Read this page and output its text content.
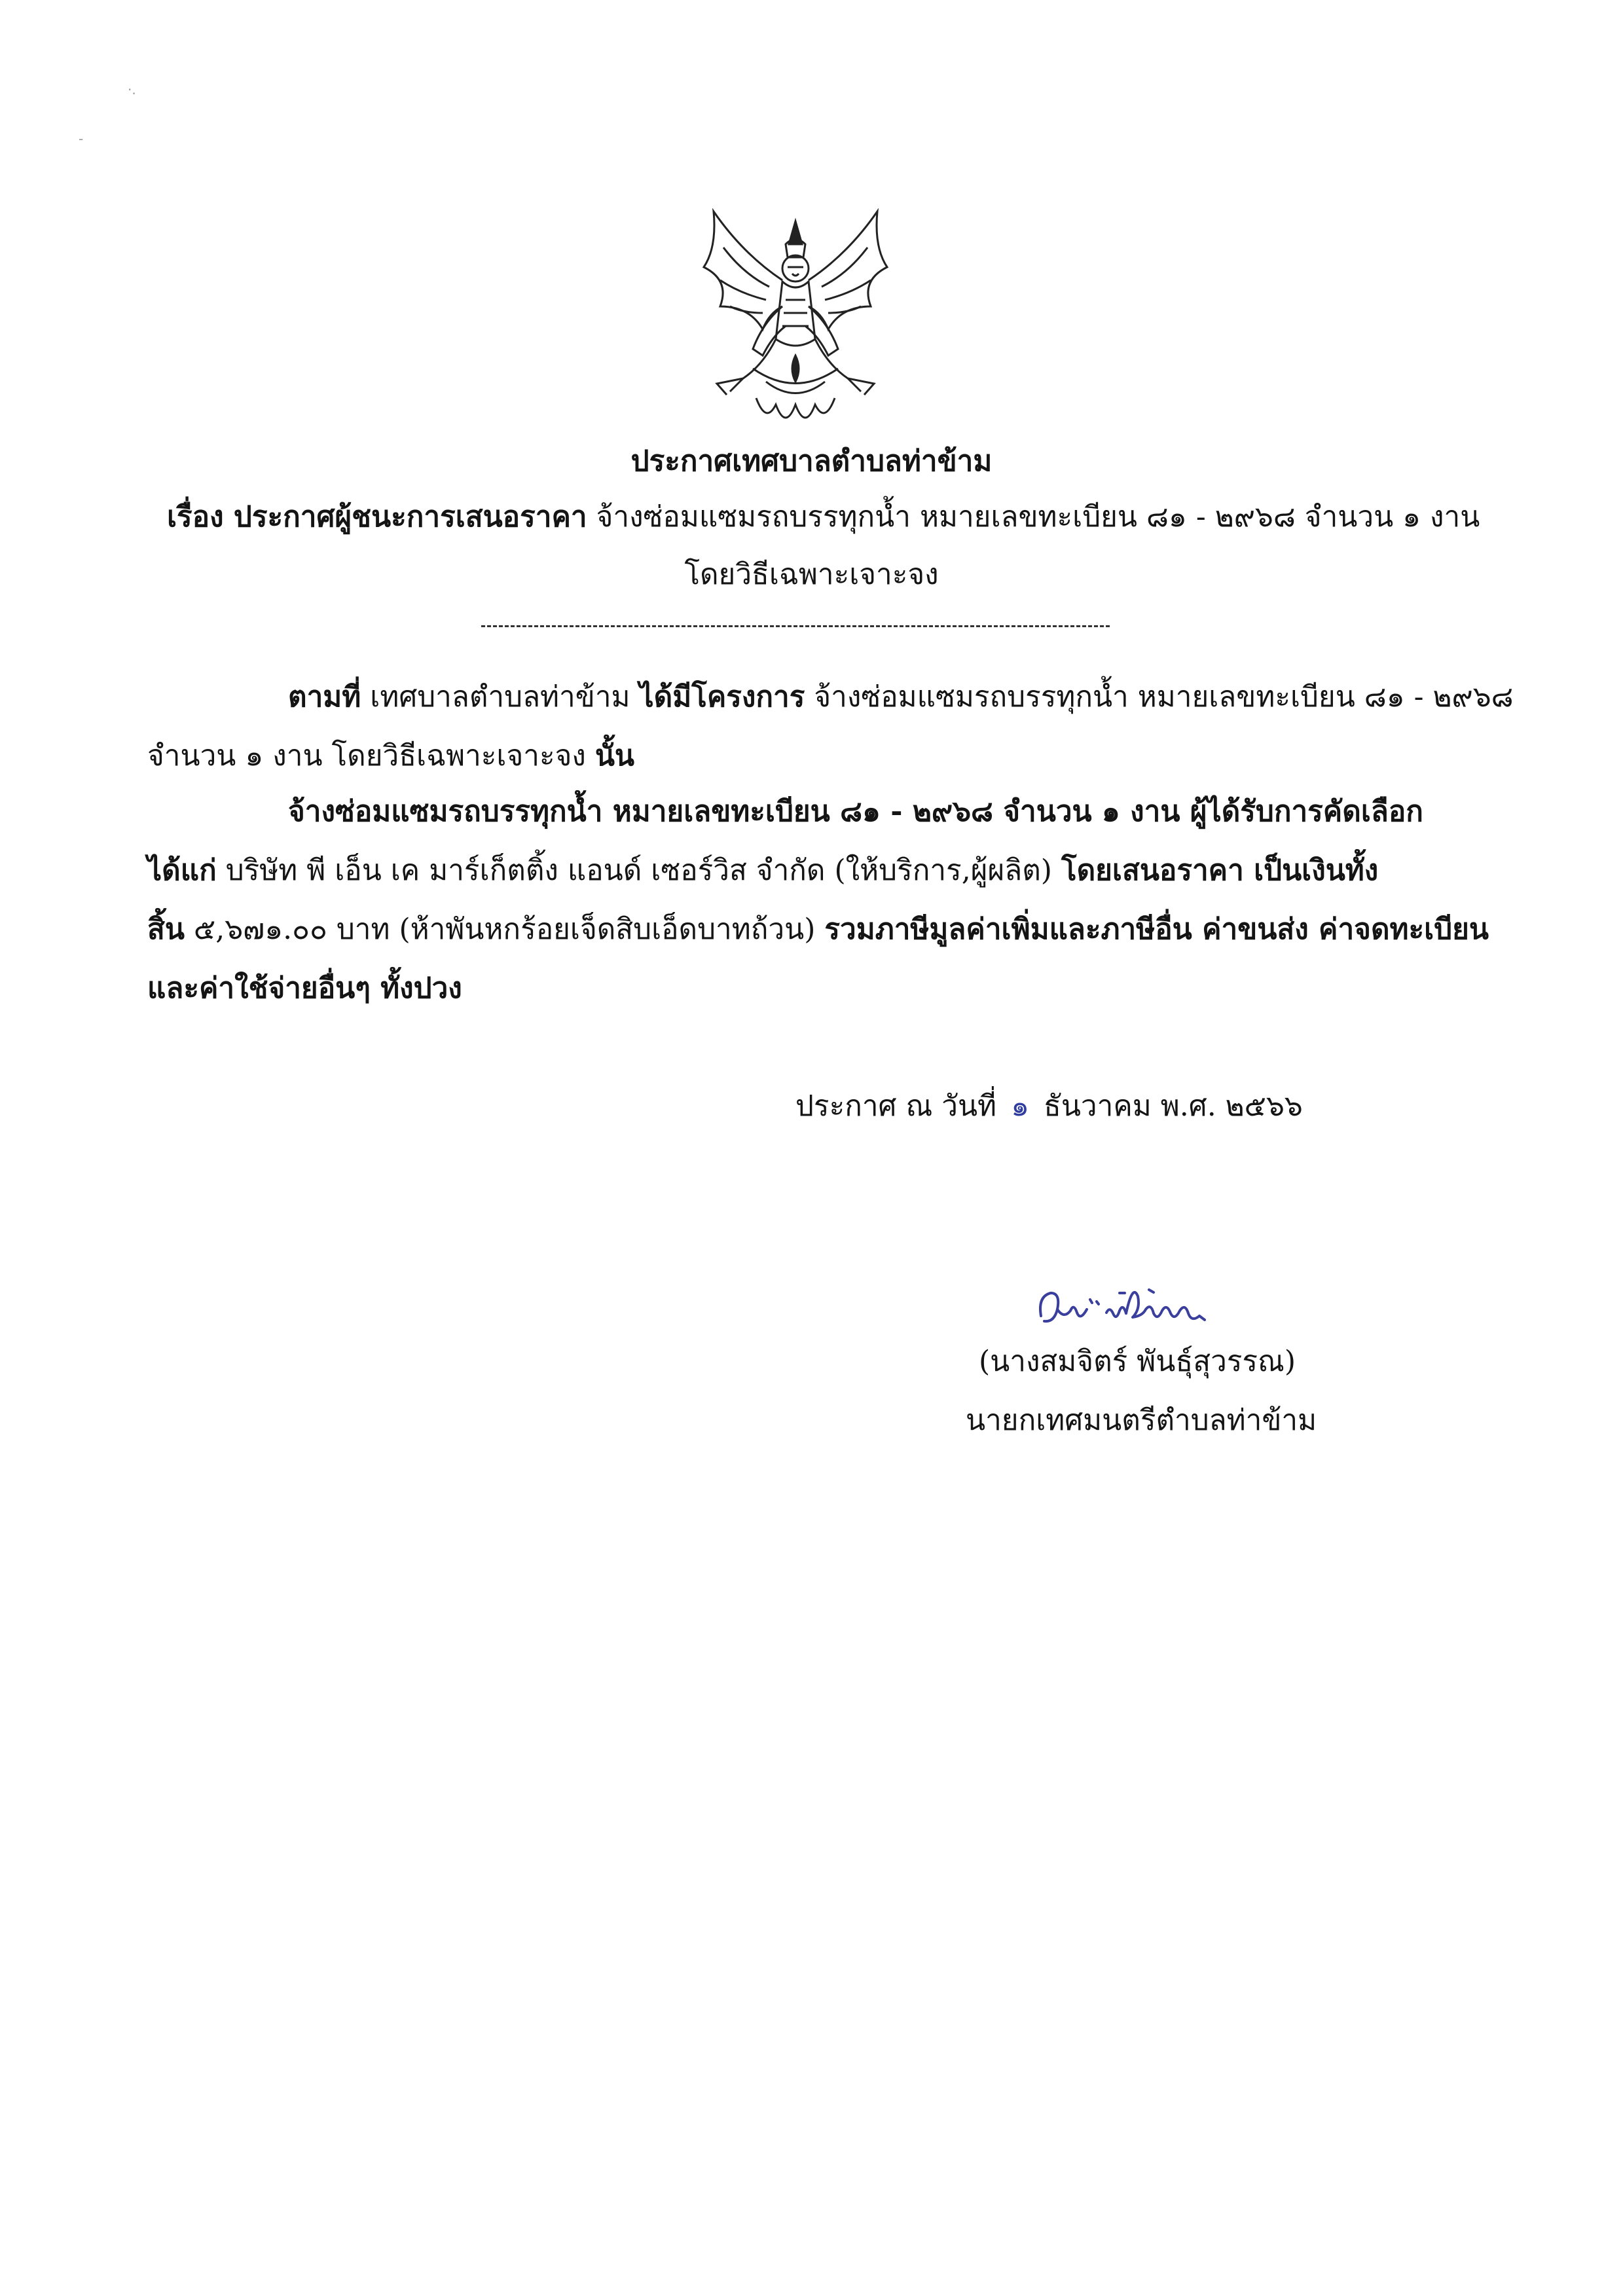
·.
-
ประกาศเทศบาลตำบลท่าข้าม
เรื่อง ประกาศผู้ชนะการเสนอราคา จ้างซ่อมแซมรถบรรทุกน้ำ หมายเลขทะเบียน ๘๑ - ๒๙๖๘ จำนวน ๑ งาน
โดยวิธีเฉพาะเจาะจง
ตามที่ เทศบาลตำบลท่าข้าม ได้มีโครงการ จ้างซ่อมแซมรถบรรทุกน้ำ หมายเลขทะเบียน ๘๑ - ๒๙๖๘
จำนวน ๑ งาน โดยวิธีเฉพาะเจาะจง นั้น
จ้างซ่อมแซมรถบรรทุกน้ำ หมายเลขทะเบียน ๘๑ - ๒๙๖๘ จำนวน ๑ งาน ผู้ได้รับการคัดเลือก
ได้แก่ บริษัท พี เอ็น เค มาร์เก็ตติ้ง แอนด์ เซอร์วิส จำกัด (ให้บริการ,ผู้ผลิต) โดยเสนอราคา เป็นเงินทั้ง
สิ้น ๕,๖๗๑.๐๐ บาท (ห้าพันหกร้อยเจ็ดสิบเอ็ดบาทถ้วน) รวมภาษีมูลค่าเพิ่มและภาษีอื่น ค่าขนส่ง ค่าจดทะเบียน
และค่าใช้จ่ายอื่นๆ ทั้งปวง
ประกาศ ณ วันที่ ๑ ธันวาคม พ.ศ. ๒๕๖๖
(นางสมจิตร์ พันธุ์สุวรรณ)
นายกเทศมนตรีตำบลท่าข้าม
